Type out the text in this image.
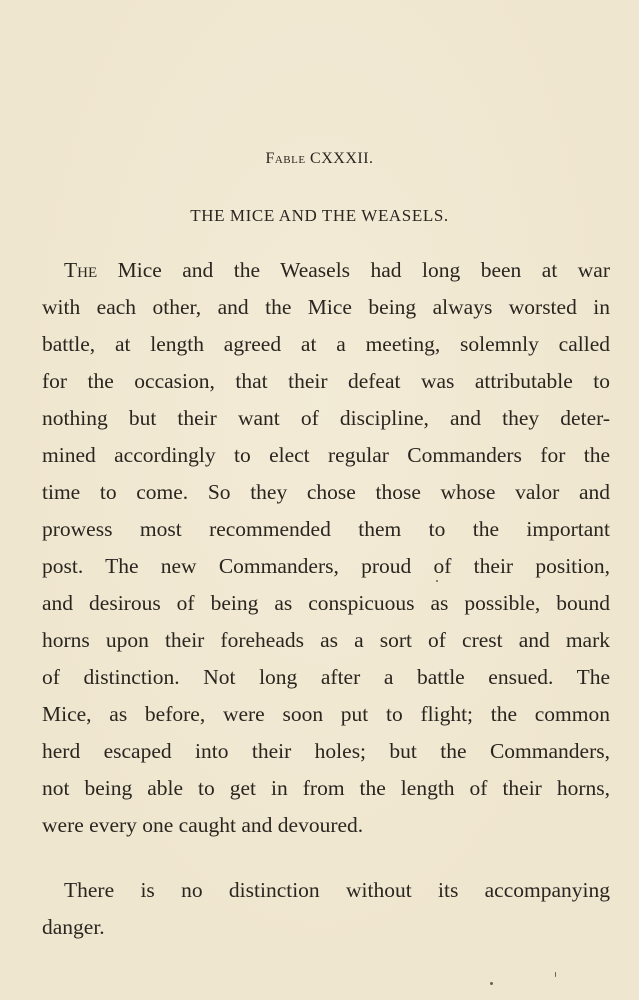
Fable CXXXII.
THE MICE AND THE WEASELS.
The Mice and the Weasels had long been at war
with each other, and the Mice being always worsted in
battle, at length agreed at a meeting, solemnly called
for the occasion, that their defeat was attributable to
nothing but their want of discipline, and they deter-
mined accordingly to elect regular Commanders for the
time to come. So they chose those whose valor and
prowess most recommended them to the important
post. The new Commanders, proud of their position,
and desirous of being as conspicuous as possible, bound
horns upon their foreheads as a sort of crest and mark
of distinction. Not long after a battle ensued. The
Mice, as before, were soon put to flight; the common
herd escaped into their holes; but the Commanders,
not being able to get in from the length of their horns,
were every one caught and devoured.
There is no distinction without its accompanying
danger.
